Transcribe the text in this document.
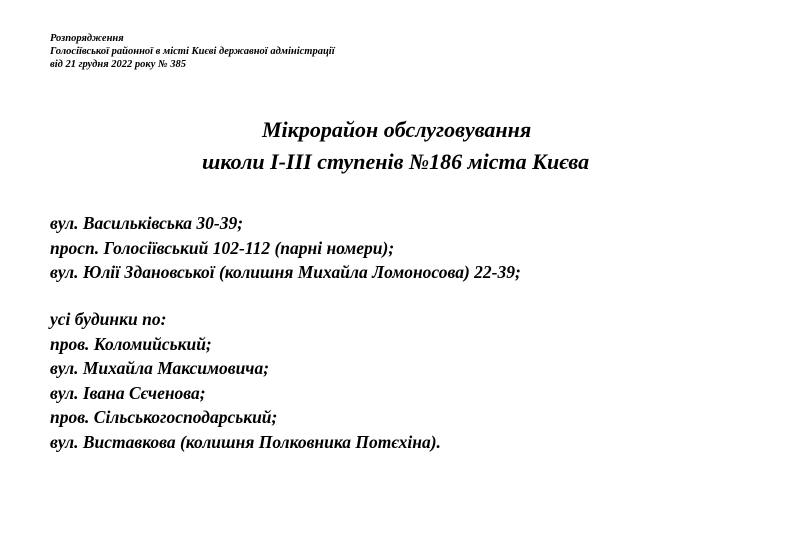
Розпорядження
Голосіївської районної в місті Києві державної адміністрації
від 21 грудня 2022 року № 385
Мікрорайон обслуговування
школи І-ІІІ ступенів №186 міста Києва
вул. Васильківська 30-39;
просп. Голосіївський 102-112 (парні номери);
вул. Юлії Здановської (колишня Михайла Ломоносова) 22-39;
усі будинки по:
пров. Коломийський;
вул. Михайла Максимовича;
вул. Івана Сєченова;
пров. Сільськогосподарський;
вул. Виставкова (колишня Полковника Потєхіна).
